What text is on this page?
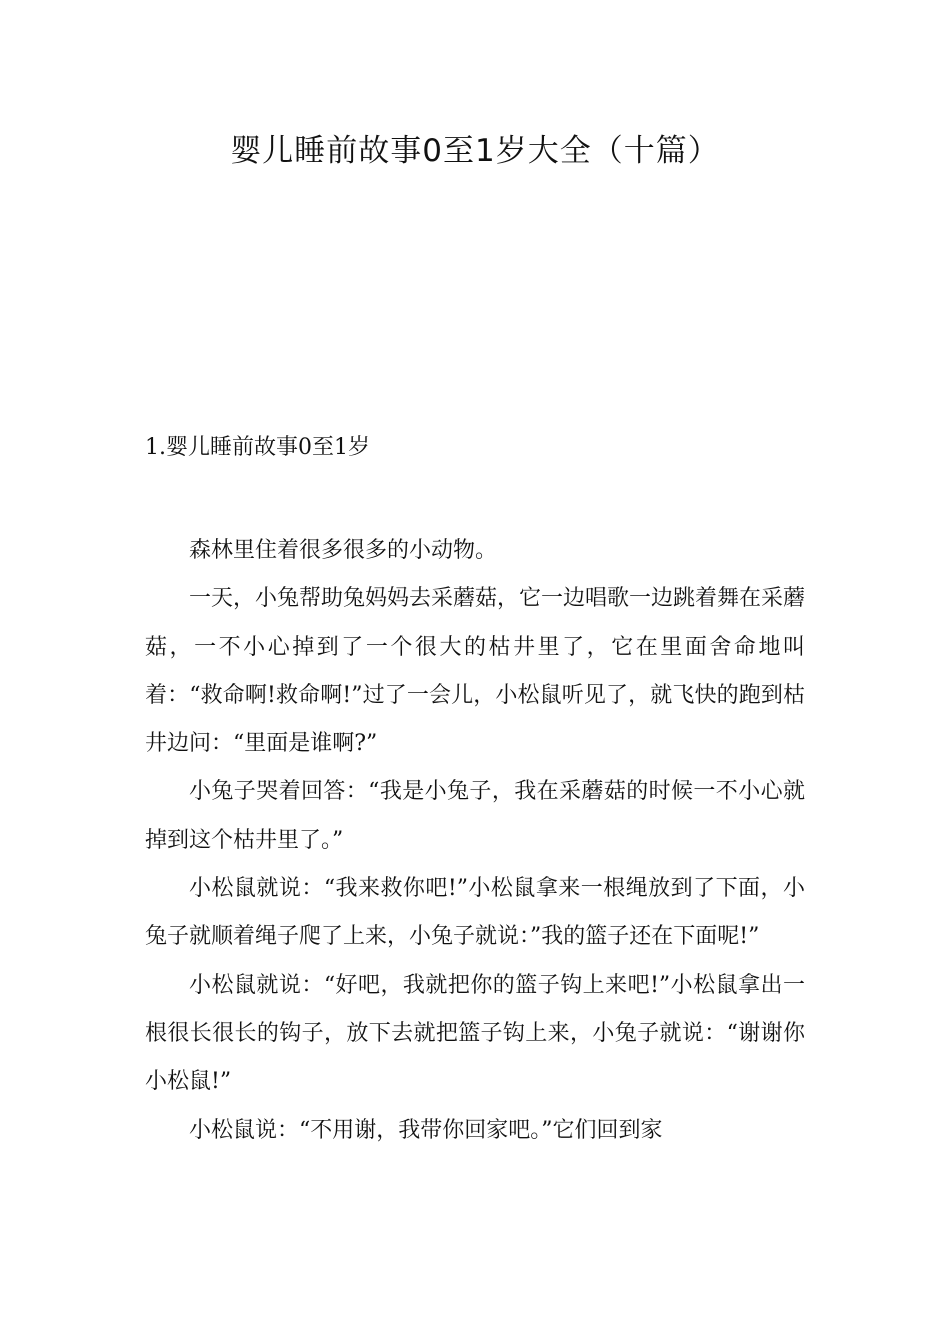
婴儿睡前故事0至1岁大全（十篇）
1.婴儿睡前故事0至1岁

森林里住着很多很多的小动物。

一天，小兔帮助兔妈妈去采蘑菇，它一边唱歌一边跳着舞在采蘑菇，一不小心掉到了一个很大的枯井里了，它在里面舍命地叫着：“救命啊!救命啊!”过了一会儿，小松鼠听见了，就飞快的跑到枯井边问：“里面是谁啊?”

小兔子哭着回答：“我是小兔子，我在采蘑菇的时候一不小心就掉到这个枯井里了。”

小松鼠就说：“我来救你吧!”小松鼠拿来一根绳放到了下面，小兔子就顺着绳子爬了上来，小兔子就说：”我的篮子还在下面呢!”

小松鼠就说：“好吧，我就把你的篮子钩上来吧!”小松鼠拿出一根很长很长的钩子，放下去就把篮子钩上来，小兔子就说：“谢谢你小松鼠!”

小松鼠说：“不用谢，我带你回家吧。”它们回到家
